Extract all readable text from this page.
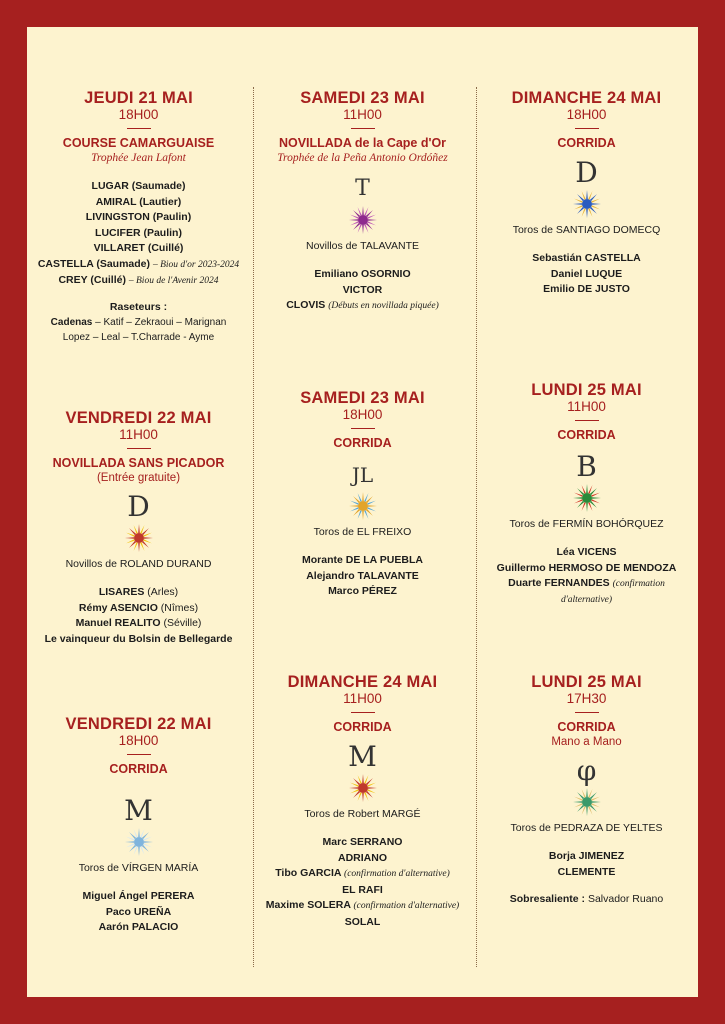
JEUDI 21 MAI
18H00
COURSE CAMARGUAISE
Trophée Jean Lafont
LUGAR (Saumade)
AMIRAL (Lautier)
LIVINGSTON (Paulin)
LUCIFER (Paulin)
VILLARET (Cuillé)
CASTELLA (Saumade) – Biou d'or 2023-2024
CREY (Cuillé) – Biou de l'Avenir 2024
Raseteurs :
Cadenas – Katif – Zekraoui – Marignan
Lopez – Leal – T.Charrade - Ayme
VENDREDI 22 MAI
11H00
NOVILLADA SANS PICADOR
(Entrée gratuite)
D
Novillos de ROLAND DURAND
LISARES (Arles)
Rémy ASENCIO (Nîmes)
Manuel REALITO (Séville)
Le vainqueur du Bolsin de Bellegarde
VENDREDI 22 MAI
18H00
CORRIDA
M
Toros de VÍRGEN MARÍA
Miguel Ángel PERERA
Paco UREÑA
Aarón PALACIO
SAMEDI 23 MAI
11H00
NOVILLADA de la Cape d'Or
Trophée de la Peña Antonio Ordóñez
T
Novillos de TALAVANTE
Emiliano OSORNIO
VICTOR
CLOVIS (Débuts en novillada piquée)
SAMEDI 23 MAI
18H00
CORRIDA
JL
Toros de EL FREIXO
Morante DE LA PUEBLA
Alejandro TALAVANTE
Marco PÉREZ
DIMANCHE 24 MAI
11H00
CORRIDA
M
Toros de Robert MARGÉ
Marc SERRANO
ADRIANO
Tibo GARCIA (confirmation d'alternative)
EL RAFI
Maxime SOLERA (confirmation d'alternative)
SOLAL
DIMANCHE 24 MAI
18H00
CORRIDA
D
Toros de SANTIAGO DOMECQ
Sebastián CASTELLA
Daniel LUQUE
Emilio DE JUSTO
LUNDI 25 MAI
11H00
CORRIDA
B
Toros de FERMÍN BOHÓRQUEZ
Léa VICENS
Guillermo HERMOSO DE MENDOZA
Duarte FERNANDES (confirmation
d'alternative)
LUNDI 25 MAI
17H30
CORRIDA
Mano a Mano
φ
Toros de PEDRAZA DE YELTES
Borja JIMENEZ
CLEMENTE
Sobresaliente : Salvador Ruano
